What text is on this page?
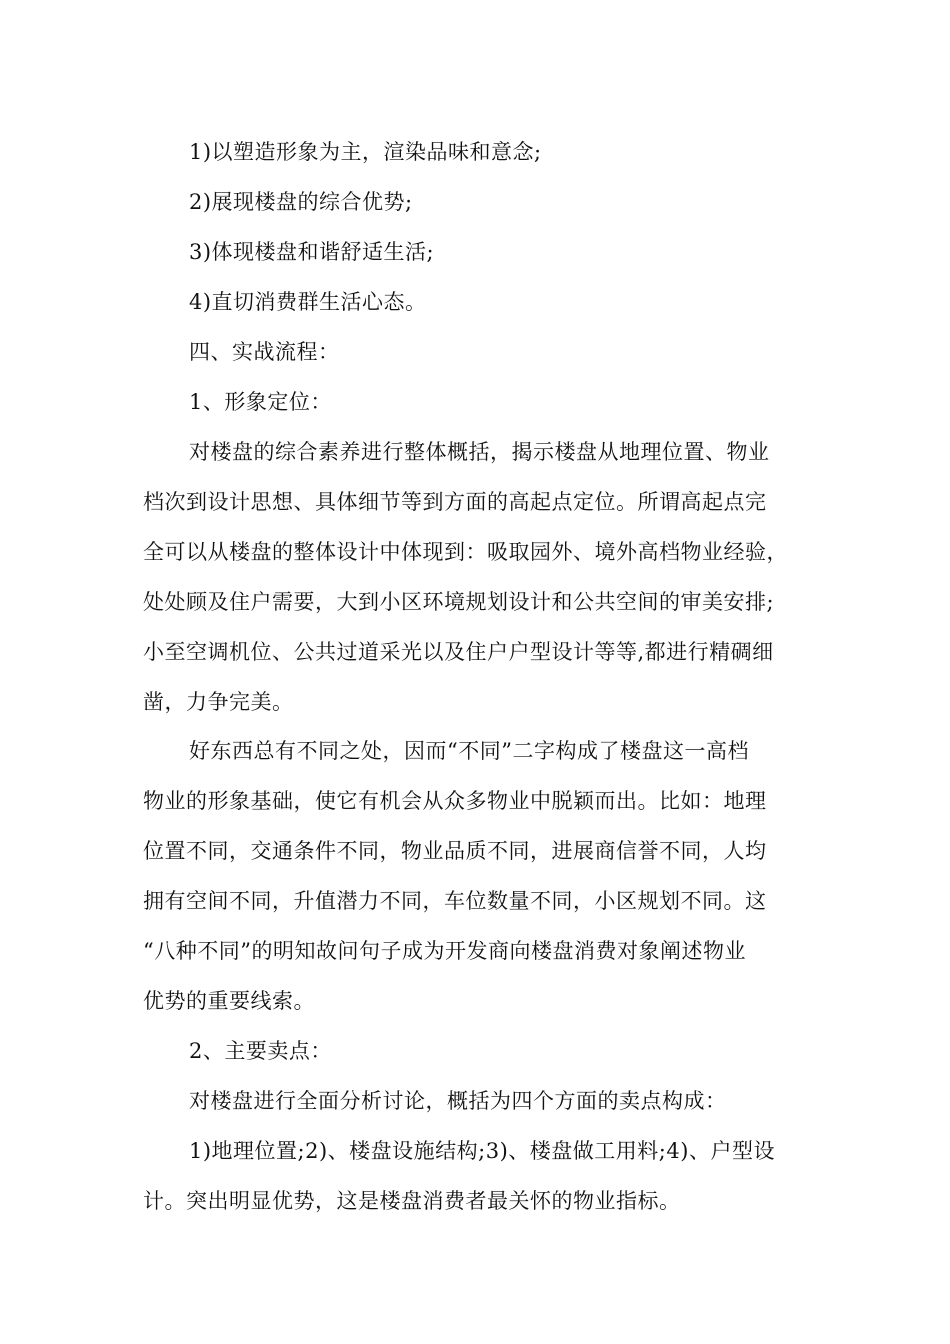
1)以塑造形象为主，渲染品味和意念;
2)展现楼盘的综合优势;
3)体现楼盘和谐舒适生活;
4)直切消费群生活心态。
四、实战流程：
1、形象定位：
对楼盘的综合素养进行整体概括，揭示楼盘从地理位置、物业
档次到设计思想、具体细节等到方面的高起点定位。所谓高起点完
全可以从楼盘的整体设计中体现到：吸取园外、境外高档物业经验，
处处顾及住户需要，大到小区环境规划设计和公共空间的审美安排;
小至空调机位、公共过道采光以及住户户型设计等等,都进行精碉细
凿，力争完美。
好东西总有不同之处，因而“不同”二字构成了楼盘这一高档
物业的形象基础，使它有机会从众多物业中脱颖而出。比如：地理
位置不同，交通条件不同，物业品质不同，进展商信誉不同，人均
拥有空间不同，升值潜力不同，车位数量不同，小区规划不同。这
“八种不同”的明知故问句子成为开发商向楼盘消费对象阐述物业
优势的重要线索。
2、主要卖点：
对楼盘进行全面分析讨论，概括为四个方面的卖点构成：
1)地理位置;2)、楼盘设施结构;3)、楼盘做工用料;4)、户型设
计。突出明显优势，这是楼盘消费者最关怀的物业指标。
